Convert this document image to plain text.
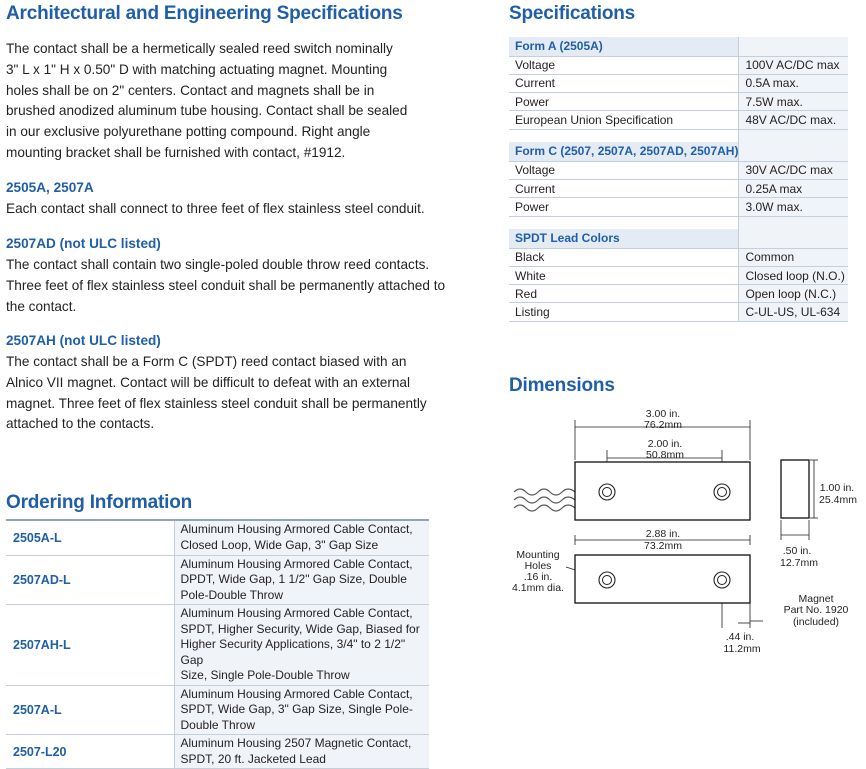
Architectural and Engineering Specifications
The contact shall be a hermetically sealed reed switch nominally
3" L x 1" H x 0.50" D with matching actuating magnet. Mounting
holes shall be on 2" centers. Contact and magnets shall be in
brushed anodized aluminum tube housing. Contact shall be sealed
in our exclusive polyurethane potting compound. Right angle
mounting bracket shall be furnished with contact, #1912.
2505A, 2507A
Each contact shall connect to three feet of flex stainless steel conduit.
2507AD (not ULC listed)
The contact shall contain two single-poled double throw reed contacts.
Three feet of flex stainless steel conduit shall be permanently attached to
the contact.
2507AH (not ULC listed)
The contact shall be a Form C (SPDT) reed contact biased with an
Alnico VII magnet. Contact will be difficult to defeat with an external
magnet. Three feet of flex stainless steel conduit shall be permanently
attached to the contacts.
Ordering Information
2505A-L	Aluminum Housing Armored Cable Contact,
Closed Loop, Wide Gap, 3" Gap Size

2507AD-L	Aluminum Housing Armored Cable Contact,
DPDT, Wide Gap, 1 1/2" Gap Size, Double
Pole-Double Throw

2507AH-L	Aluminum Housing Armored Cable Contact,
SPDT, Higher Security, Wide Gap, Biased for
Higher Security Applications, 3/4" to 2 1/2" Gap
Size, Single Pole-Double Throw

2507A-L	Aluminum Housing Armored Cable Contact,
SPDT, Wide Gap, 3" Gap Size, Single Pole-
Double Throw

2507-L20	Aluminum Housing 2507 Magnetic Contact,
SPDT, 20 ft. Jacketed Lead
Specifications
Form A (2505A)	
Voltage	100V AC/DC max
Current	0.5A max.
Power	7.5W max.
European Union Specification	48V AC/DC max.

Form C (2507, 2507A, 2507AD, 2507AH)	
Voltage	30V AC/DC max
Current	0.25A max
Power	3.0W max.

SPDT Lead Colors	
Black	Common
White	Closed loop (N.O.)
Red	Open loop (N.C.)
Listing	C-UL-US, UL-634
Dimensions
3.00 in.
76.2mm
2.00 in.
50.8mm
2.88 in.
73.2mm
Mounting
Holes
.16 in.
4.1mm dia.
.44 in.
11.2mm
1.00 in.
25.4mm
.50 in.
12.7mm
Magnet
Part No. 1920
(included)
